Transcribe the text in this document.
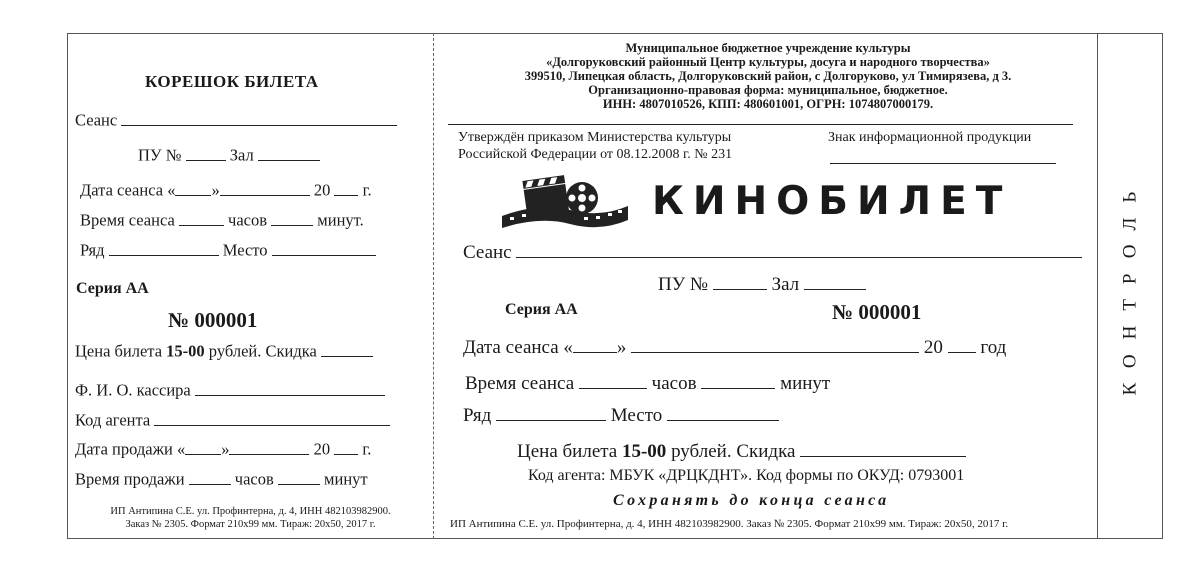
КОРЕШОК БИЛЕТА
Сеанс
ПУ №	Зал
Дата сеанса « »	20 г.
Время сеанса	часов	минут.
Ряд	Место
Серия АА
№ 000001
Цена билета 15-00 рублей. Скидка
Ф. И. О. кассира
Код агента
Дата продажи « »	20 г.
Время продажи	часов	минут
ИП Антипина С.Е. ул. Профинтерна, д. 4, ИНН 482103982900.
Заказ № 2305. Формат 210х99 мм. Тираж: 20х50, 2017 г.
Муниципальное бюджетное учреждение культуры
«Долгоруковский районный Центр культуры, досуга и народного творчества»
399510, Липецкая область, Долгоруковский район, с Долгоруково, ул Тимирязева, д 3.
Организационно-правовая форма: муниципальное, бюджетное.
ИНН: 4807010526, КПП: 480601001, ОГРН: 1074807000179.
Утверждён приказом Министерства культуры
Российской Федерации от 08.12.2008 г. № 231
Знак информационной продукции
КИНОБИЛЕТ
Сеанс
ПУ №	Зал
Серия АА	№ 000001
Дата сеанса « »	20 год
Время сеанса	часов	минут
Ряд	Место
Цена билета 15-00 рублей. Скидка
Код агента: МБУК «ДРЦКДНТ». Код формы по ОКУД: 0793001
Сохранять до конца сеанса
ИП Антипина С.Е. ул. Профинтерна, д. 4, ИНН 482103982900. Заказ № 2305. Формат 210х99 мм. Тираж: 20х50, 2017 г.
КОНТРОЛЬ
